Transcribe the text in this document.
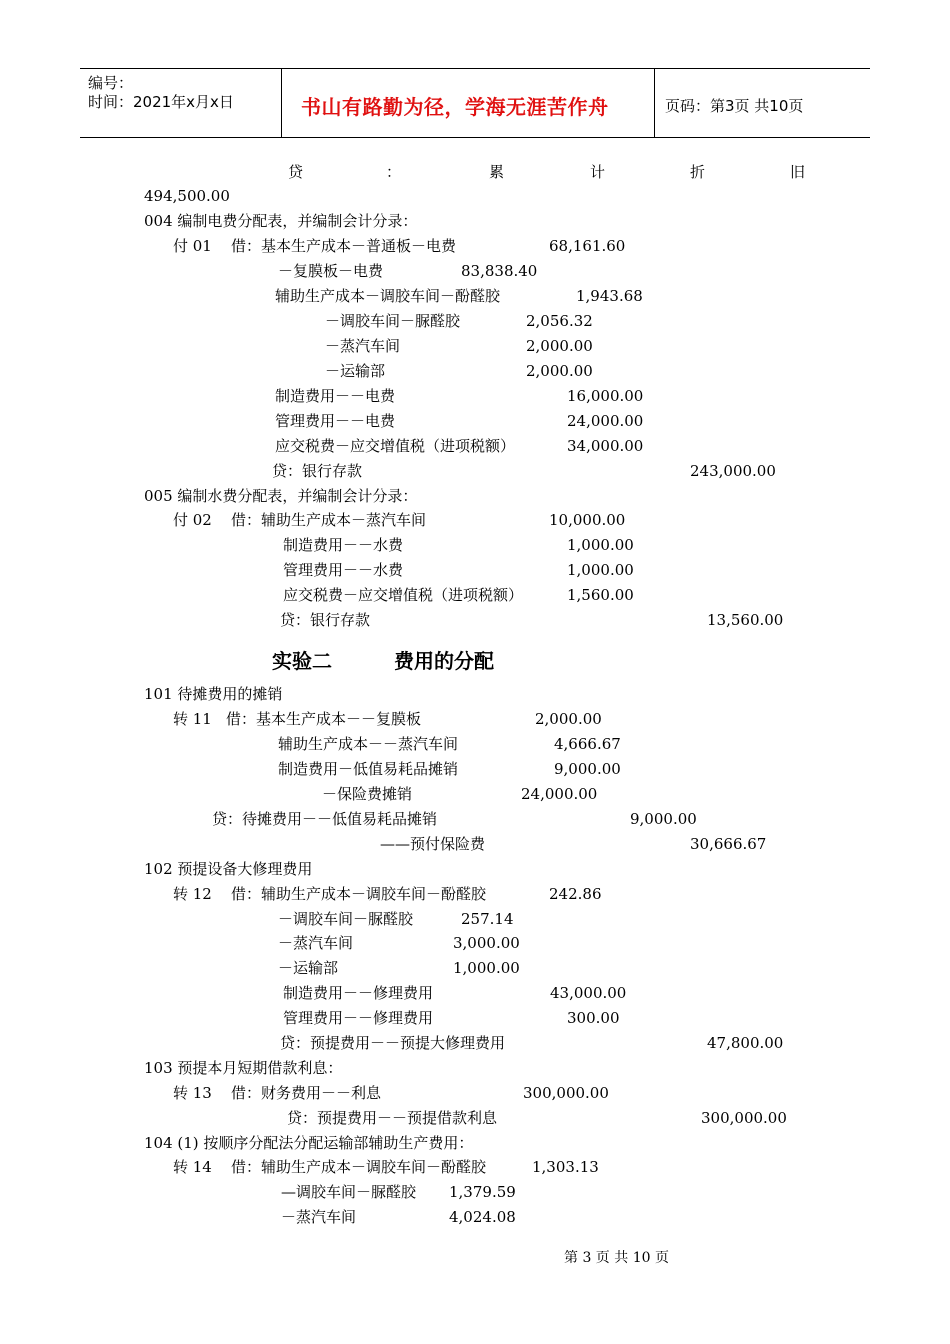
编号：
时间：2021年x月x日	书山有路勤为径，学海无涯苦作舟	页码：第3页 共10页
贷	：	累	计	折	旧
494,500.00
004 编制电费分配表，并编制会计分录：
付 01 借：基本生产成本－普通板－电费	68,161.60
－复膜板－电费	83,838.40
辅助生产成本－调胶车间－酚醛胶	1,943.68
－调胶车间－脲醛胶	2,056.32
－蒸汽车间	2,000.00
－运输部	2,000.00
制造费用－－电费	16,000.00
管理费用－－电费	24,000.00
应交税费－应交增值税（进项税额）	34,000.00
贷：银行存款	243,000.00
005 编制水费分配表，并编制会计分录：
付 02 借：辅助生产成本－蒸汽车间	10,000.00
制造费用－－水费	1,000.00
管理费用－－水费	1,000.00
应交税费－应交增值税（进项税额）	1,560.00
贷：银行存款	13,560.00
实验二	费用的分配
101 待摊费用的摊销
转 11 借：基本生产成本－－复膜板	2,000.00
辅助生产成本－－蒸汽车间	4,666.67
制造费用－低值易耗品摊销	9,000.00
－保险费摊销	24,000.00
贷：待摊费用－－低值易耗品摊销	9,000.00
——预付保险费	30,666.67
102 预提设备大修理费用
转 12 借：辅助生产成本－调胶车间－酚醛胶	242.86
－调胶车间－脲醛胶	257.14
－蒸汽车间	3,000.00
－运输部	1,000.00
制造费用－－修理费用	43,000.00
管理费用－－修理费用	300.00
贷：预提费用－－预提大修理费用	47,800.00
103 预提本月短期借款利息：
转 13 借：财务费用－－利息	300,000.00
贷：预提费用－－预提借款利息	300,000.00
104 (1) 按顺序分配法分配运输部辅助生产费用：
转 14 借：辅助生产成本－调胶车间－酚醛胶	1,303.13
—调胶车间－脲醛胶 1,379.59
－蒸汽车间	4,024.08
第 3 页 共 10 页
